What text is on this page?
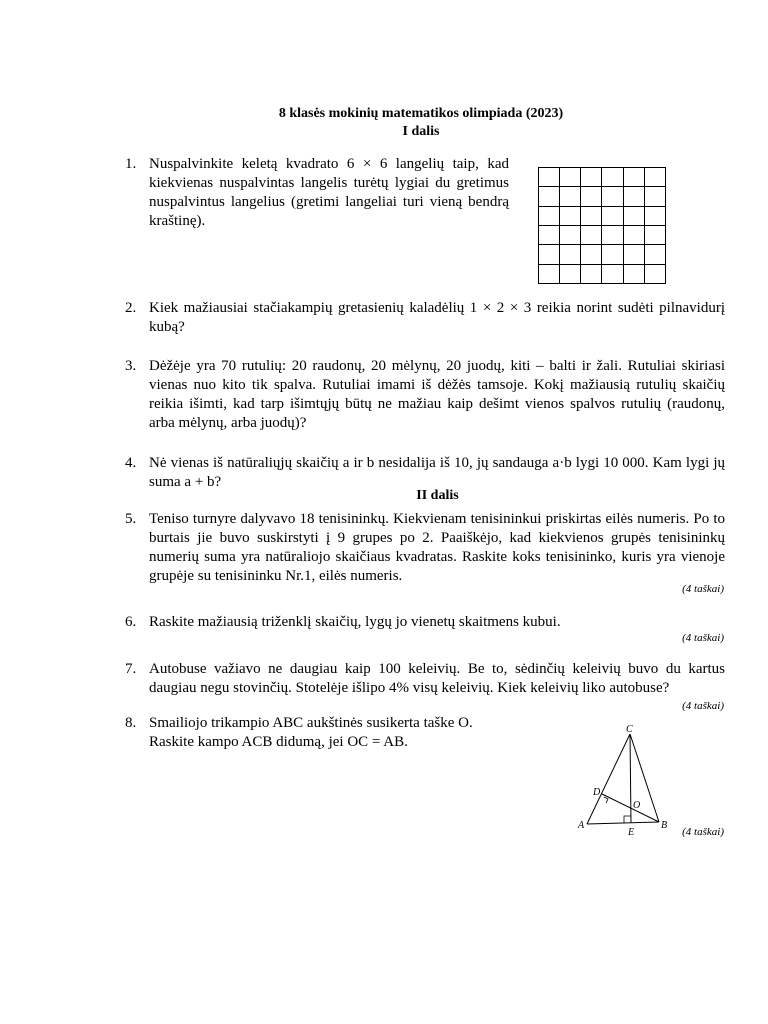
8 klasės mokinių matematikos olimpiada (2023)
I dalis
1. Nuspalvinkite keletą kvadrato 6 × 6 langelių taip, kad kiekvienas nuspalvintas langelis turėtų lygiai du gretimus nuspalvintus langelius (gretimi langeliai turi vieną bendrą kraštinę).

2. Kiek mažiausiai stačiakampių gretasienių kaladėlių 1 × 2 × 3 reikia norint sudėti pilnavidurį kubą?
3. Dėžėje yra 70 rutulių: 20 raudonų, 20 mėlynų, 20 juodų, kiti – balti ir žali. Rutuliai skiriasi vienas nuo kito tik spalva. Rutuliai imami iš dėžės tamsoje. Kokį mažiausią rutulių skaičių reikia išimti, kad tarp išimtųjų būtų ne mažiau kaip dešimt vienos spalvos rutulių (raudonų, arba mėlynų, arba juodų)?
4. Nė vienas iš natūraliųjų skaičių a ir b nesidalija iš 10, jų sandauga a·b lygi 10 000. Kam lygi jų suma a + b?
II dalis
5. Teniso turnyre dalyvavo 18 tenisininkų. Kiekvienam tenisininkui priskirtas eilės numeris. Po to burtais jie buvo suskirstyti į 9 grupes po 2. Paaiškėjo, kad kiekvienos grupės tenisininkų numerių suma yra natūraliojo skaičiaus kvadratas. Raskite koks tenisininko, kuris yra vienoje grupėje su tenisininku Nr.1, eilės numeris.
(4 taškai)
6. Raskite mažiausią triženklį skaičių, lygų jo vienetų skaitmens kubui.
(4 taškai)
7. Autobuse važiavo ne daugiau kaip 100 keleivių. Be to, sėdinčių keleivių buvo du kartus daugiau negu stovinčių. Stotelėje išlipo 4% visų keleivių. Kiek keleivių liko autobuse?
(4 taškai)
8. Smailiojo trikampio ABC aukštinės susikerta taške O.
Raskite kampo ACB didumą, jei OC = AB.
C
A	B
D
E
O
(4 taškai)
